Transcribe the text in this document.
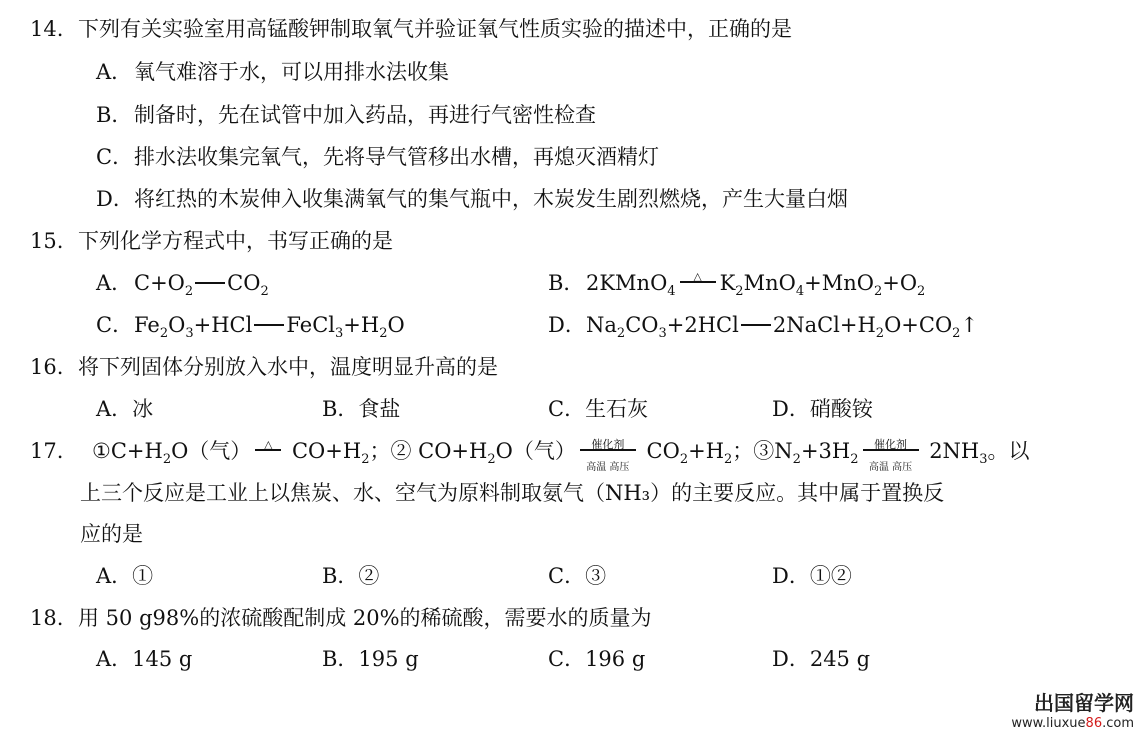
14. 下列有关实验室用高锰酸钾制取氧气并验证氧气性质实验的描述中，正确的是
A．氧气难溶于水，可以用排水法收集
B．制备时，先在试管中加入药品，再进行气密性检查
C．排水法收集完氧气，先将导气管移出水槽，再熄灭酒精灯
D．将红热的木炭伸入收集满氧气的集气瓶中，木炭发生剧烈燃烧，产生大量白烟
15. 下列化学方程式中，书写正确的是
A．$C+O_2$ $CO_2$	B．2KMnO$_4$
△ $K_2MnO_4+MnO_2+O_2$
C．$Fe_2O_3+HCl$ $FeCl_3+H_2O$	D．$Na_2CO_3+2HCl$ $2NaCl+H_2O+CO_2↑$
16. 将下列固体分别放入水中，温度明显升高的是
A．冰	B．食盐	C．生石灰	D．硝酸铵
17. $①C+H_2O$（气）	△ $CO+H_2$；② $CO+H_2O$（气）	催化剂
高温 高压
$CO_2+H_2$；$③N_2+3H_2$
催化剂
高温 高压
$2NH_3$。以
上三个反应是工业上以焦炭、水、空气为原料制取氨气（NH₃）的主要反应。其中属于置换反
应的是
A．①	B．②	C．③	D．①②
18. 用 50 g98%的浓硫酸配制成 20%的稀硫酸，需要水的质量为
A．145 g	B．195 g	C．196 g	D．245 g
出国留学网
www.liuxue86.com
